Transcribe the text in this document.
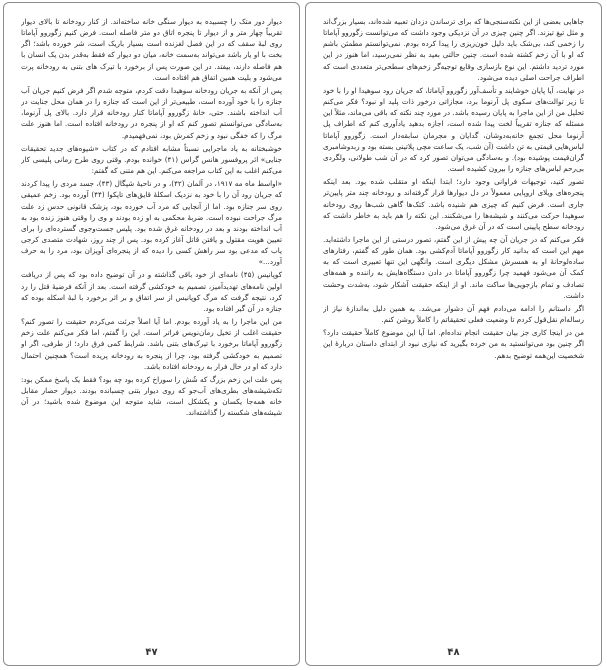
دیوار دور متک را چسبیده به دیوار سنگی خانه ساخته‌اند. از کنار رودخانه تا بالای دیوار تقریباً چهار متر و از دیوار تا پنجره اتاق دو متر فاصله است. فرض کنیم زگوروو آپاماتا روی لبهٔ سقف که در این فصل لغزنده است بسیار باریک است، شر خورده باشد؛ اگر بخت با او یار باشد می‌تواند به‌سمت خانه، میان دو دیوار که فقط به‌قدر بدن یک انسان با هم فاصله دارند، بیفتد. در این صورت پس از برخورد با تیرک های بتنی به رودخانه پرت می‌شود و بلیت همین اتفاق هم افتاده است.

پس از آنکه به جریان رودخانه سوهیدا دقت کردم، متوجه شدم اگر فرض کنیم جریان آب جنازه را با خود آورده است، طبیعی‌تر از این است که جنازه را در همان محل جنایت در آب انداخته باشند. حتی، خانهٔ زگوروو آپاماتا کنار رودخانه قرار دارد. بالای پل آرنوما، به‌سادگی می‌توانستم تصور کنم که او از پنجره در رودخانه افتاده است. اما هنوز علت مرگ را که خفگی نبود و زخم کمرش بود، نمی‌فهمیدم.

خوشبختانه به یاد ماجرایی نسبتاً مشابه افتادم که در کتاب «شیوه‌های جدید تحقیقات جنایی» اثر پروفسور هانس گراس (۴۱) خوانده بودم. وقتی روی طرح رمانی پلیسی کار می‌کنم اغلب به این کتاب مراجعه می‌کنم. این هم متنی که گفتم:

«اواسط ماه مه ۱۹۱۷، در آلمان (۴۲)، و در ناحیهٔ شپگال (۴۳)، جسد مردی را پیدا کردند که جریان رود آن را با خود به نزدیک اسکلهٔ قایق‌های تاپکوا (۴۴) آورده بود. زخم عمیقی روی سر جنازه بود. اما از آنجایی که مرد آب خورده بود، پزشک قانونی حدس زد علت مرگ جراحت نبوده است. ضربهٔ محکمی به او زده بودند و وی را وقتی هنوز زنده بود به آب انداخته بودند و بعد در رودخانه غرق شده بود. پلیس جست‌وجوی گسترده‌ای را برای تعیین هویت مقتول و یافتن قاتل آغاز کرده بود. پس از چند روز، شهادت متصدی کرجی یاب که مدعی بود سر راهش کسی را دیده که از پنجره‌ای آویزان بود، مرد را به حرف آورد...»

کوپانیس (۴۵) نامه‌ای از خود باقی گذاشته و در آن توضیح داده بود که پس از دریافت اولین نامه‌های تهدیدآمیز، تصمیم به خودکشی گرفته است. بعد از آنکه فرضیهٔ قتل را رد کرد، نتیجه گرفت که مرگ کوپانیس از سر اتفاق و بر اثر برخورد با لبهٔ اسکله بوده که جنازه در آن گیر افتاده بود.

من این ماجرا را به یاد آورده بودم. اما آیا اصلاً جرئت می‌کردم حقیقت را تصور کنم؟ حقیقت اغلب از تخیل رمان‌نویس فراتر است. این را گفتم، اما فکر می‌کنم علت زخم زگوروو آپاماتا برخورد با تیرک‌های بتنی باشد. شرایط کمی فرق دارد؛ از طرفی، اگر او تصمیم به خودکشی گرفته بود، چرا از پنجره به رودخانه پریده است؟ همچنین احتمال دارد که او در حال فرار به رودخانه افتاده باشد.

پس علت این زخم بزرگ که شُش را سوراخ کرده بود چه بود؟ فقط یک پاسخ ممکن بود: تکه‌شیشه‌های بطری‌های آب‌جو که روی دیوار بتنی چسبانده بودند. دیوار حصار مقابل خانه همه‌جا یکسان و یکشکل است، شاید متوجه این موضوع شده باشید؛ در آن شیشه‌های شکسته را گذاشته‌اند.

۴۷

جاهایی بعضی از این نکته‌سنجی‌ها که برای ترساندن دزدان تعبیه شده‌اند، بسیار بزرگ‌اند و مثل تیغ تیزند. اگر چنین چیزی در آن نزدیکی وجود داشت که می‌توانست زگوروو آپاماتا را زخمی کند، بی‌شک باید دلیل خون‌ریزی را پیدا کرده بودم. نمی‌توانستم مطمئن باشم که او با آن زخم کشته شده است. چنین حالتی بعید به نظر نمی‌رسید، اما هنوز در این مورد تردید داشتم. این نوع بازسازی وقایع توجیه‌گر زخم‌های سطحی‌تر متعددی است که اطراف جراحت اصلی دیده می‌شود.

در نهایت، آیا پایان خوشایند و تأسف‌آور زگوروو آپاماتا، که جریان رود سوهیدا او را با خود تا زیر توالت‌های سکوی پل آرنوما برد، مجازاتی درخور ذات پلید او نبود؟ فکر می‌کنم تحلیل من از این ماجرا به پایان رسیده باشد. در مورد چند نکته که باقی می‌ماند، مثلاً این مسئله که جنازه تقریباً لخت پیدا شده است، اجازه بدهید یادآوری کنم که اطراف پل آرنوما محل تجمع خانه‌به‌دوشان، گدایان و مجرمان سابقه‌دار است. زگوروو آپاماتا لباس‌هایی قیمتی به تن داشت (آن شب، یک ساعت مچی پلاتینی بسته بود و ربدوشامبری گران‌قیمت پوشیده بود). و به‌سادگی می‌توان تصور کرد که در آن شب طولانی، ولگردی بی‌رحم لباس‌های جنازه را بیرون کشیده است.

تصور کنید، توجیهات فراوانی وجود دارد؛ ابتدا اینکه او متقلب شده بود. بعد اینکه پنجره‌های ویلای اروپایی معمولاً در دل دیوارها قرار گرفته‌اند و رودخانه چند متر پایین‌تر جاری است. فرض کنیم که چیزی هم شنیده باشد. کتک‌ها گاهی شب‌ها روی رودخانه سوهیدا حرکت می‌کنند و شیشه‌ها را می‌شکنند. این نکته را هم باید به خاطر داشت که رودخانه سطح پایینی است که در آن غرق می‌شود.

فکر می‌کنم که در جریان آن چه پیش از این گفتم، تصور درستی از این ماجرا داشته‌اید. مهم این است که بدانید کار زگوروو آپاماتا آدم‌کشی بود. همان طور که گفتم، رفتارهای ساده‌لوحانهٔ او به همسرش مشکل دیگری است. وانگهی این تنها تعبیری است که به کمک آن می‌شود فهمید چرا زگوروو آپاماتا در دادن دستگاه‌هایش به راننده و همه‌های تصادف و تمام بازجویی‌ها ساکت ماند. او از اینکه حقیقت آشکار شود، به‌شدت وحشت داشت.

اگر داستانم را ادامه می‌دادم فهم آن دشوار می‌شد. به همین دلیل به‌اندازهٔ نیاز از رساله‌ام نقل‌قول کردم تا وضعیت فعلی تحقیقاتم را کاملاً روشن کنم.

من در اینجا کاری جز بیان حقیقت انجام نداده‌ام. اما آیا این موضوع کاملاً حقیقت دارد؟ اگر چنین بود می‌توانستید به من خرده بگیرید که نیازی نبود از ابتدای داستان دربارهٔ این شخصیت این‌همه توضیح بدهم.

۴۸
